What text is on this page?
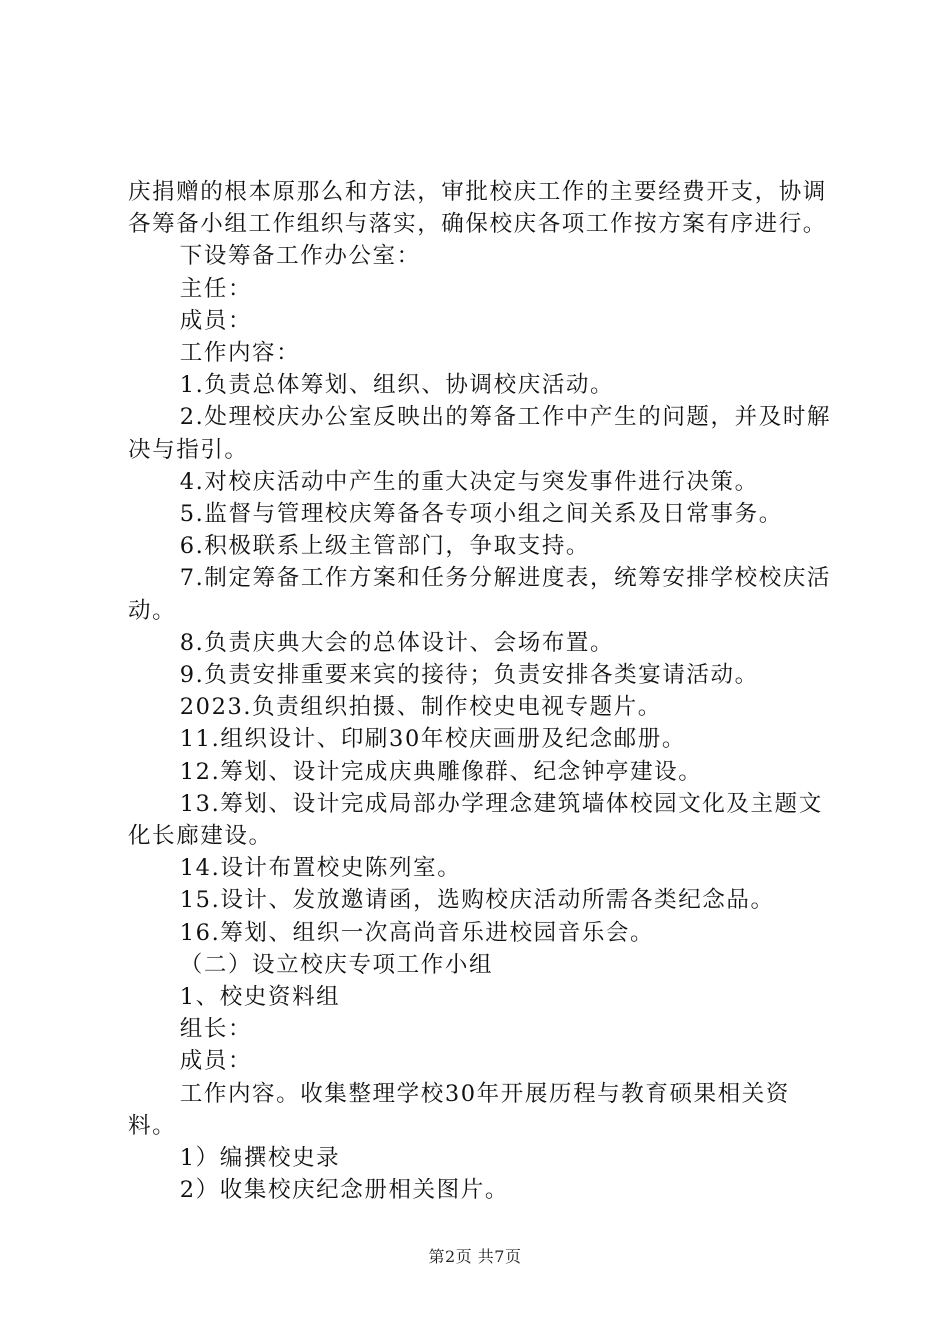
庆捐赠的根本原那么和方法，审批校庆工作的主要经费开支，协调各筹备小组工作组织与落实，确保校庆各项工作按方案有序进行。

下设筹备工作办公室：

主任：

成员：

工作内容：

1.负责总体筹划、组织、协调校庆活动。

2.处理校庆办公室反映出的筹备工作中产生的问题，并及时解决与指引。

4.对校庆活动中产生的重大决定与突发事件进行决策。

5.监督与管理校庆筹备各专项小组之间关系及日常事务。

6.积极联系上级主管部门，争取支持。

7.制定筹备工作方案和任务分解进度表，统筹安排学校校庆活动。

8.负责庆典大会的总体设计、会场布置。

9.负责安排重要来宾的接待；负责安排各类宴请活动。

2023.负责组织拍摄、制作校史电视专题片。

11.组织设计、印刷30年校庆画册及纪念邮册。

12.筹划、设计完成庆典雕像群、纪念钟亭建设。

13.筹划、设计完成局部办学理念建筑墙体校园文化及主题文化长廊建设。

14.设计布置校史陈列室。

15.设计、发放邀请函，选购校庆活动所需各类纪念品。

16.筹划、组织一次高尚音乐进校园音乐会。

（二）设立校庆专项工作小组

1、校史资料组

组长：

成员：

工作内容。收集整理学校30年开展历程与教育硕果相关资料。

1）编撰校史录

2）收集校庆纪念册相关图片。

第2页 共7页
